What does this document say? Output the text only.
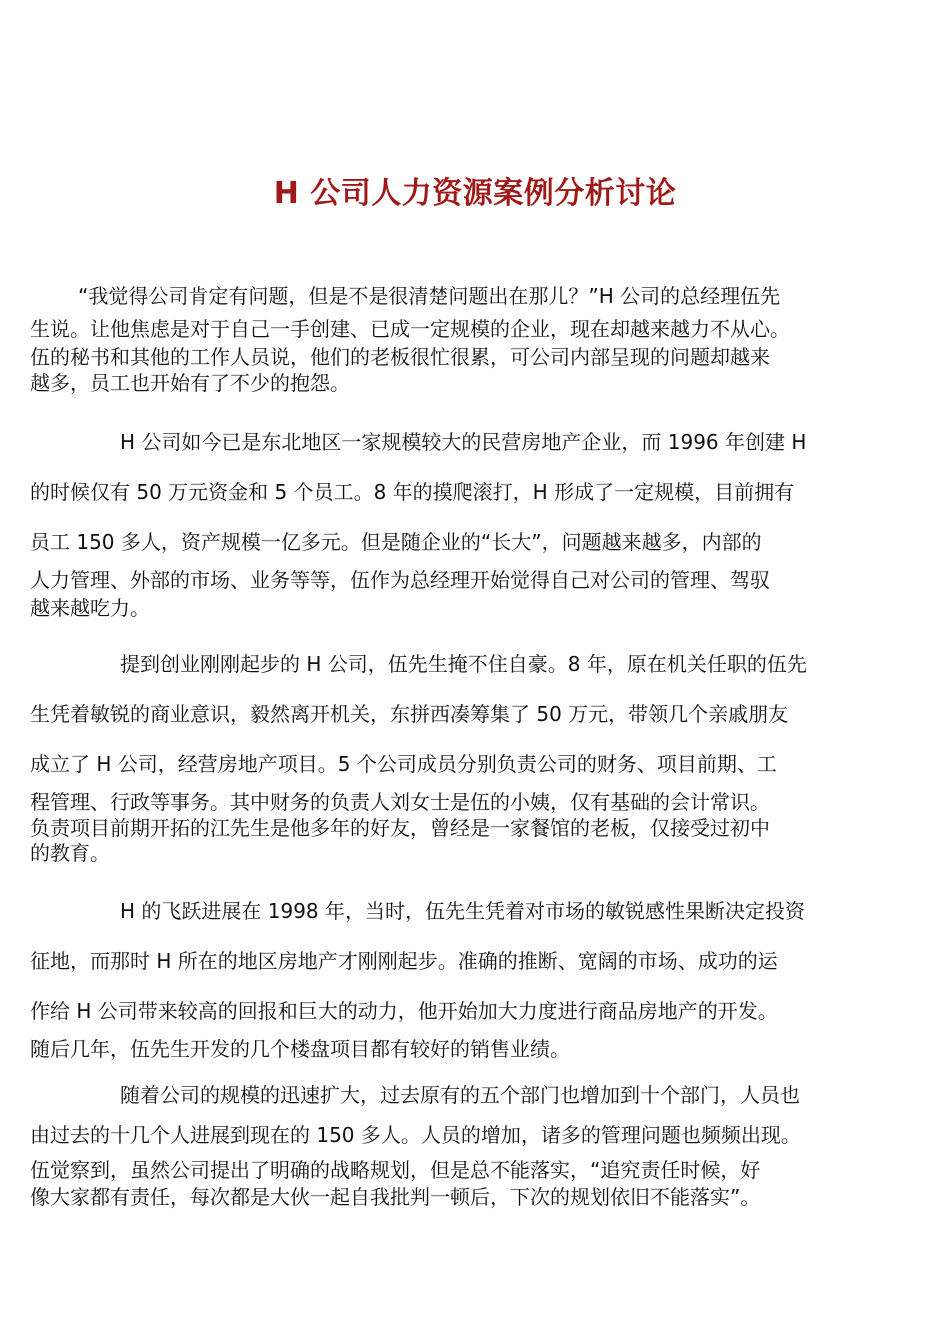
H 公司人力资源案例分析讨论
“我觉得公司肯定有问题，但是不是很清楚问题出在那儿？”H 公司的总经理伍先
生说。让他焦虑是对于自己一手创建、已成一定规模的企业，现在却越来越力不从心。
伍的秘书和其他的工作人员说，他们的老板很忙很累，可公司内部呈现的问题却越来
越多，员工也开始有了不少的抱怨。
H 公司如今已是东北地区一家规模较大的民营房地产企业，而 1996 年创建 H
的时候仅有 50 万元资金和 5 个员工。8 年的摸爬滚打，H 形成了一定规模，目前拥有
员工 150 多人，资产规模一亿多元。但是随企业的“长大”，问题越来越多，内部的
人力管理、外部的市场、业务等等，伍作为总经理开始觉得自己对公司的管理、驾驭
越来越吃力。
提到创业刚刚起步的 H 公司，伍先生掩不住自豪。8 年，原在机关任职的伍先
生凭着敏锐的商业意识，毅然离开机关，东拼西凑筹集了 50 万元，带领几个亲戚朋友
成立了 H 公司，经营房地产项目。5 个公司成员分别负责公司的财务、项目前期、工
程管理、行政等事务。其中财务的负责人刘女士是伍的小姨，仅有基础的会计常识。
负责项目前期开拓的江先生是他多年的好友，曾经是一家餐馆的老板，仅接受过初中
的教育。
H 的飞跃进展在 1998 年，当时，伍先生凭着对市场的敏锐感性果断决定投资
征地，而那时 H 所在的地区房地产才刚刚起步。准确的推断、宽阔的市场、成功的运
作给 H 公司带来较高的回报和巨大的动力，他开始加大力度进行商品房地产的开发。
随后几年，伍先生开发的几个楼盘项目都有较好的销售业绩。
随着公司的规模的迅速扩大，过去原有的五个部门也增加到十个部门，人员也
由过去的十几个人进展到现在的 150 多人。人员的增加，诸多的管理问题也频频出现。
伍觉察到，虽然公司提出了明确的战略规划，但是总不能落实，“追究责任时候，好
像大家都有责任，每次都是大伙一起自我批判一顿后，下次的规划依旧不能落实”。
